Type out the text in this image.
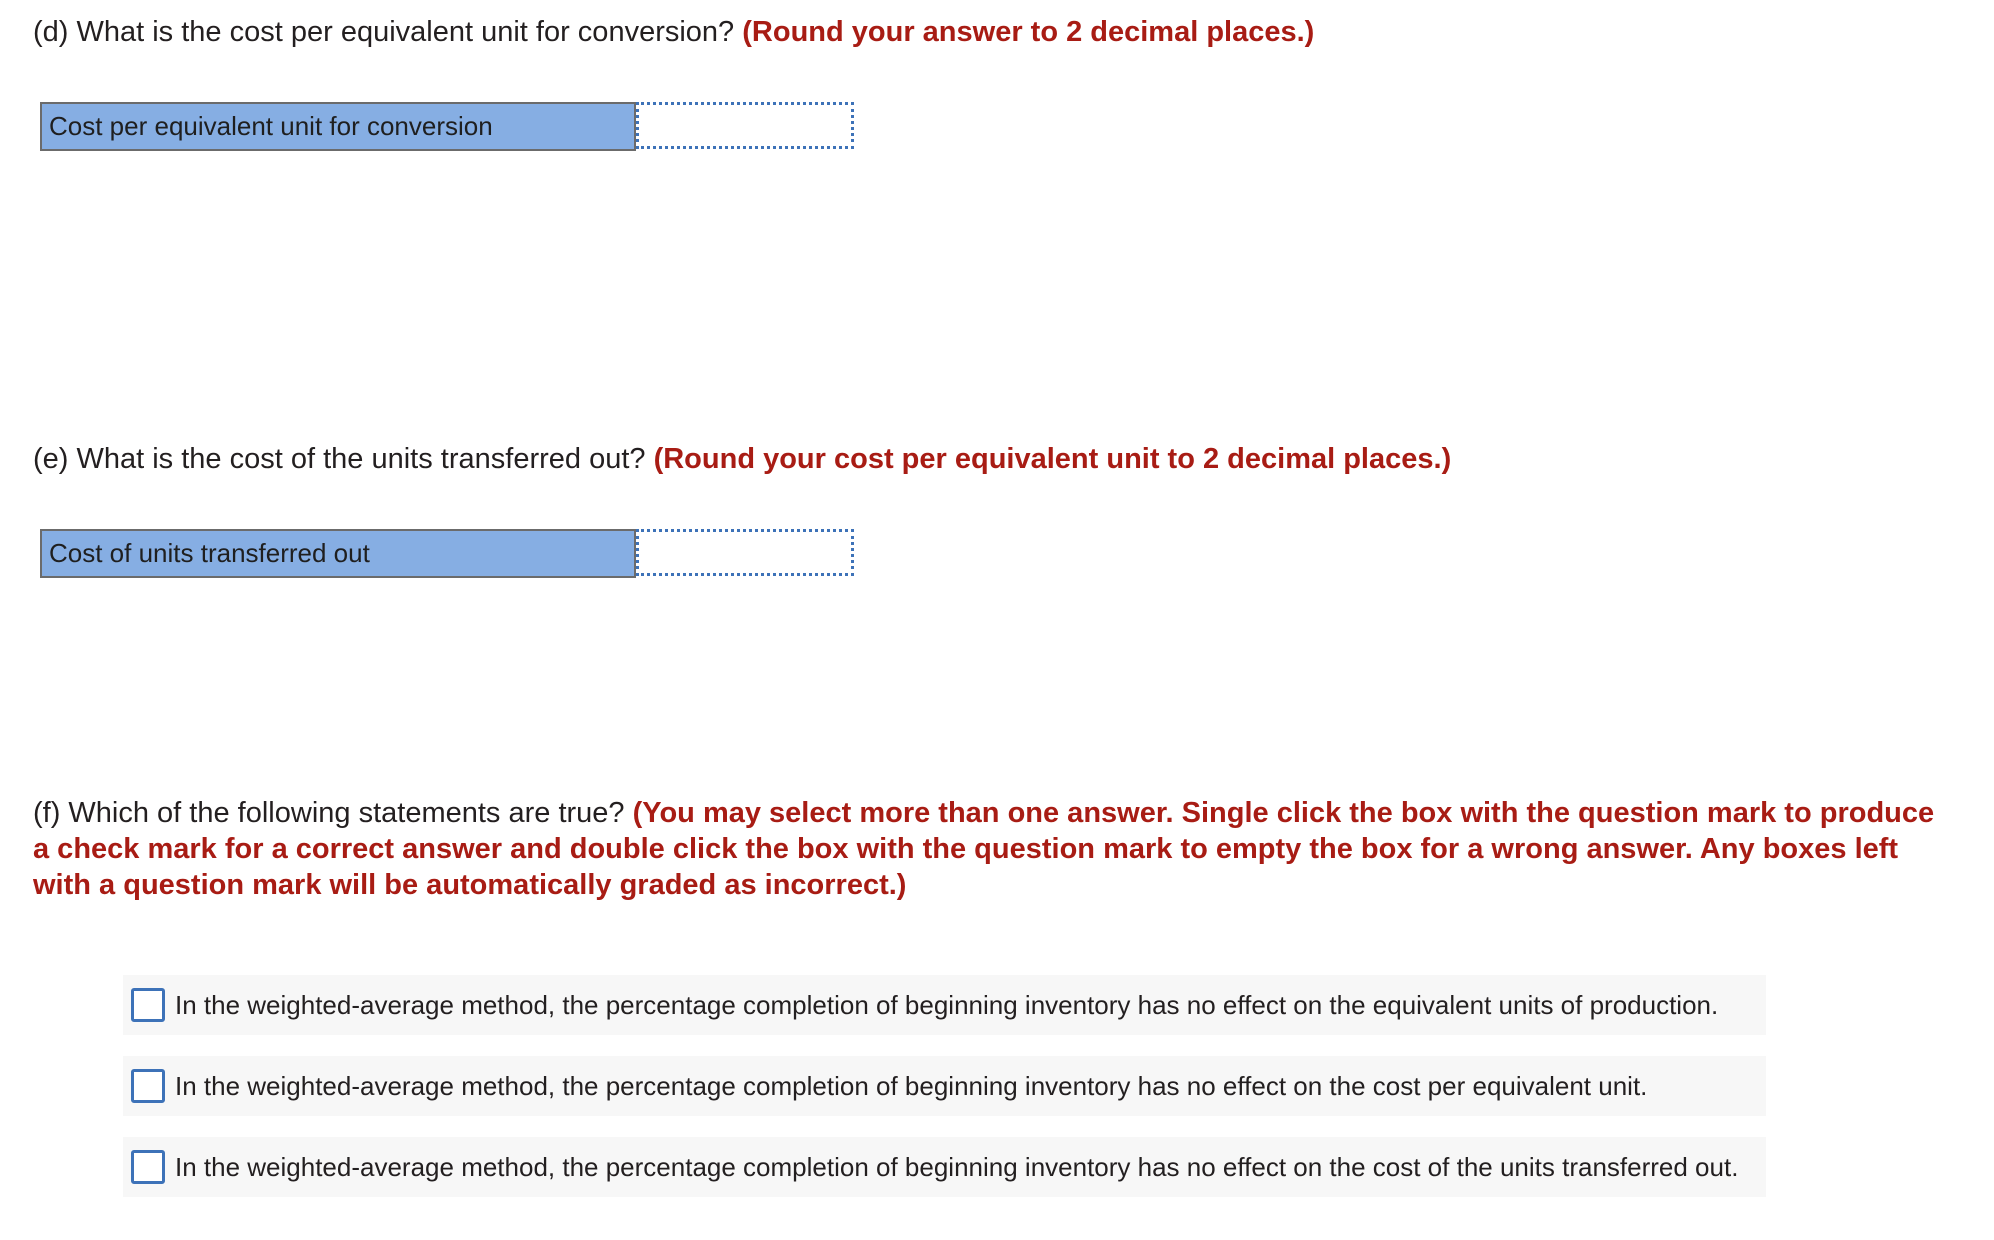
(d) What is the cost per equivalent unit for conversion? (Round your answer to 2 decimal places.)
Cost per equivalent unit for conversion
(e) What is the cost of the units transferred out? (Round your cost per equivalent unit to 2 decimal places.)
Cost of units transferred out
(f) Which of the following statements are true? (You may select more than one answer. Single click the box with the question mark to produce a check mark for a correct answer and double click the box with the question mark to empty the box for a wrong answer. Any boxes left with a question mark will be automatically graded as incorrect.)
In the weighted-average method, the percentage completion of beginning inventory has no effect on the equivalent units of production.
In the weighted-average method, the percentage completion of beginning inventory has no effect on the cost per equivalent unit.
In the weighted-average method, the percentage completion of beginning inventory has no effect on the cost of the units transferred out.
